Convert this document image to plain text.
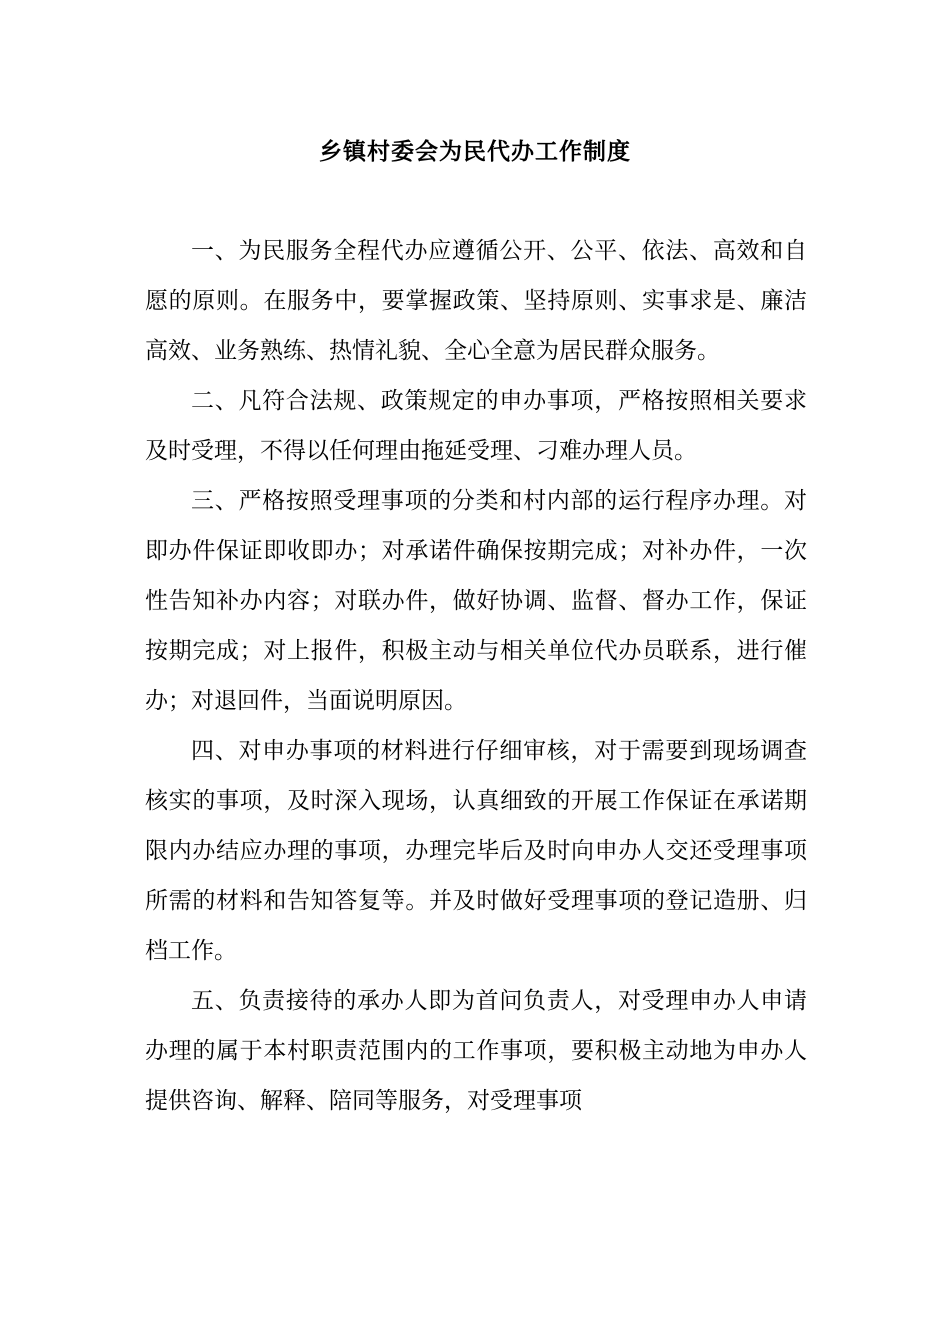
乡镇村委会为民代办工作制度

一、为民服务全程代办应遵循公开、公平、依法、高效和自愿的原则。在服务中，要掌握政策、坚持原则、实事求是、廉洁高效、业务熟练、热情礼貌、全心全意为居民群众服务。

二、凡符合法规、政策规定的申办事项，严格按照相关要求及时受理，不得以任何理由拖延受理、刁难办理人员。

三、严格按照受理事项的分类和村内部的运行程序办理。对即办件保证即收即办；对承诺件确保按期完成；对补办件，一次性告知补办内容；对联办件，做好协调、监督、督办工作，保证按期完成；对上报件，积极主动与相关单位代办员联系，进行催办；对退回件，当面说明原因。

四、对申办事项的材料进行仔细审核，对于需要到现场调查核实的事项，及时深入现场，认真细致的开展工作保证在承诺期限内办结应办理的事项，办理完毕后及时向申办人交还受理事项所需的材料和告知答复等。并及时做好受理事项的登记造册、归档工作。

五、负责接待的承办人即为首问负责人，对受理申办人申请办理的属于本村职责范围内的工作事项，要积极主动地为申办人提供咨询、解释、陪同等服务，对受理事项
